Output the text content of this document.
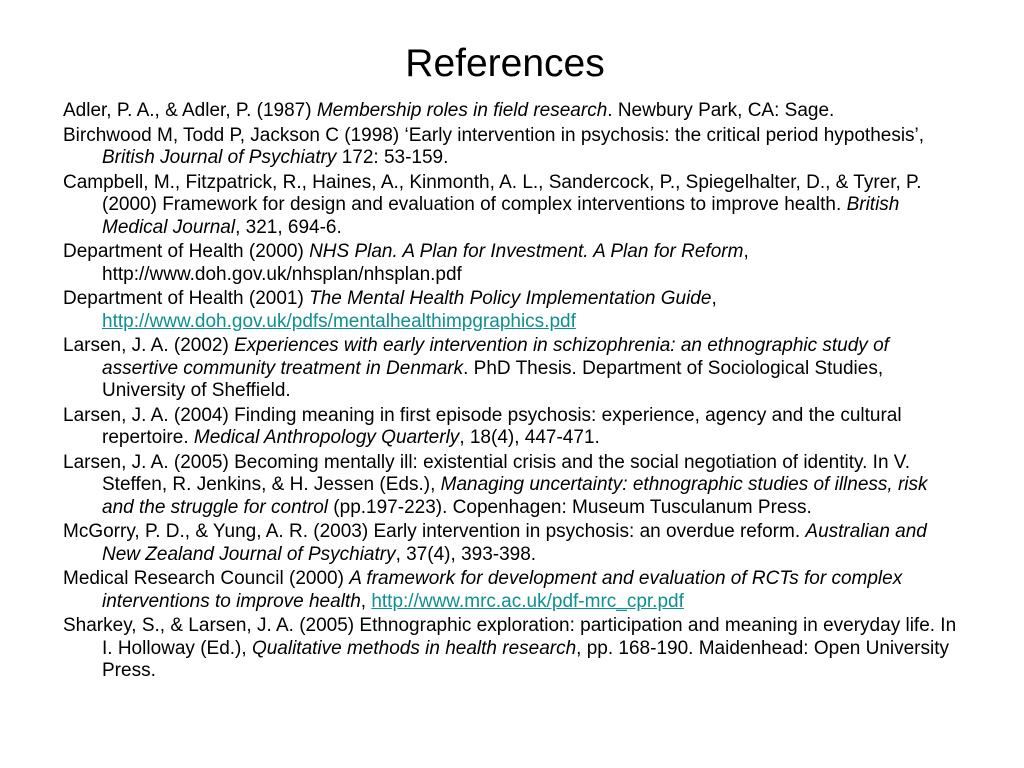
References
Adler, P. A., & Adler, P. (1987) Membership roles in field research. Newbury Park, CA: Sage.
Birchwood M, Todd P, Jackson C (1998) ‘Early intervention in psychosis: the critical period hypothesis’, British Journal of Psychiatry 172: 53-159.
Campbell, M., Fitzpatrick, R., Haines, A., Kinmonth, A. L., Sandercock, P., Spiegelhalter, D., & Tyrer, P. (2000) Framework for design and evaluation of complex interventions to improve health. British Medical Journal, 321, 694-6.
Department of Health (2000) NHS Plan. A Plan for Investment. A Plan for Reform, http://www.doh.gov.uk/nhsplan/nhsplan.pdf
Department of Health (2001) The Mental Health Policy Implementation Guide, http://www.doh.gov.uk/pdfs/mentalhealthimpgraphics.pdf
Larsen, J. A. (2002) Experiences with early intervention in schizophrenia: an ethnographic study of assertive community treatment in Denmark. PhD Thesis. Department of Sociological Studies, University of Sheffield.
Larsen, J. A. (2004) Finding meaning in first episode psychosis: experience, agency and the cultural repertoire. Medical Anthropology Quarterly, 18(4), 447-471.
Larsen, J. A. (2005) Becoming mentally ill: existential crisis and the social negotiation of identity. In V. Steffen, R. Jenkins, & H. Jessen (Eds.), Managing uncertainty: ethnographic studies of illness, risk and the struggle for control (pp.197-223). Copenhagen: Museum Tusculanum Press.
McGorry, P. D., & Yung, A. R. (2003) Early intervention in psychosis: an overdue reform. Australian and New Zealand Journal of Psychiatry, 37(4), 393-398.
Medical Research Council (2000) A framework for development and evaluation of RCTs for complex interventions to improve health, http://www.mrc.ac.uk/pdf-mrc_cpr.pdf
Sharkey, S., & Larsen, J. A. (2005) Ethnographic exploration: participation and meaning in everyday life. In I. Holloway (Ed.), Qualitative methods in health research, pp. 168-190. Maidenhead: Open University Press.
